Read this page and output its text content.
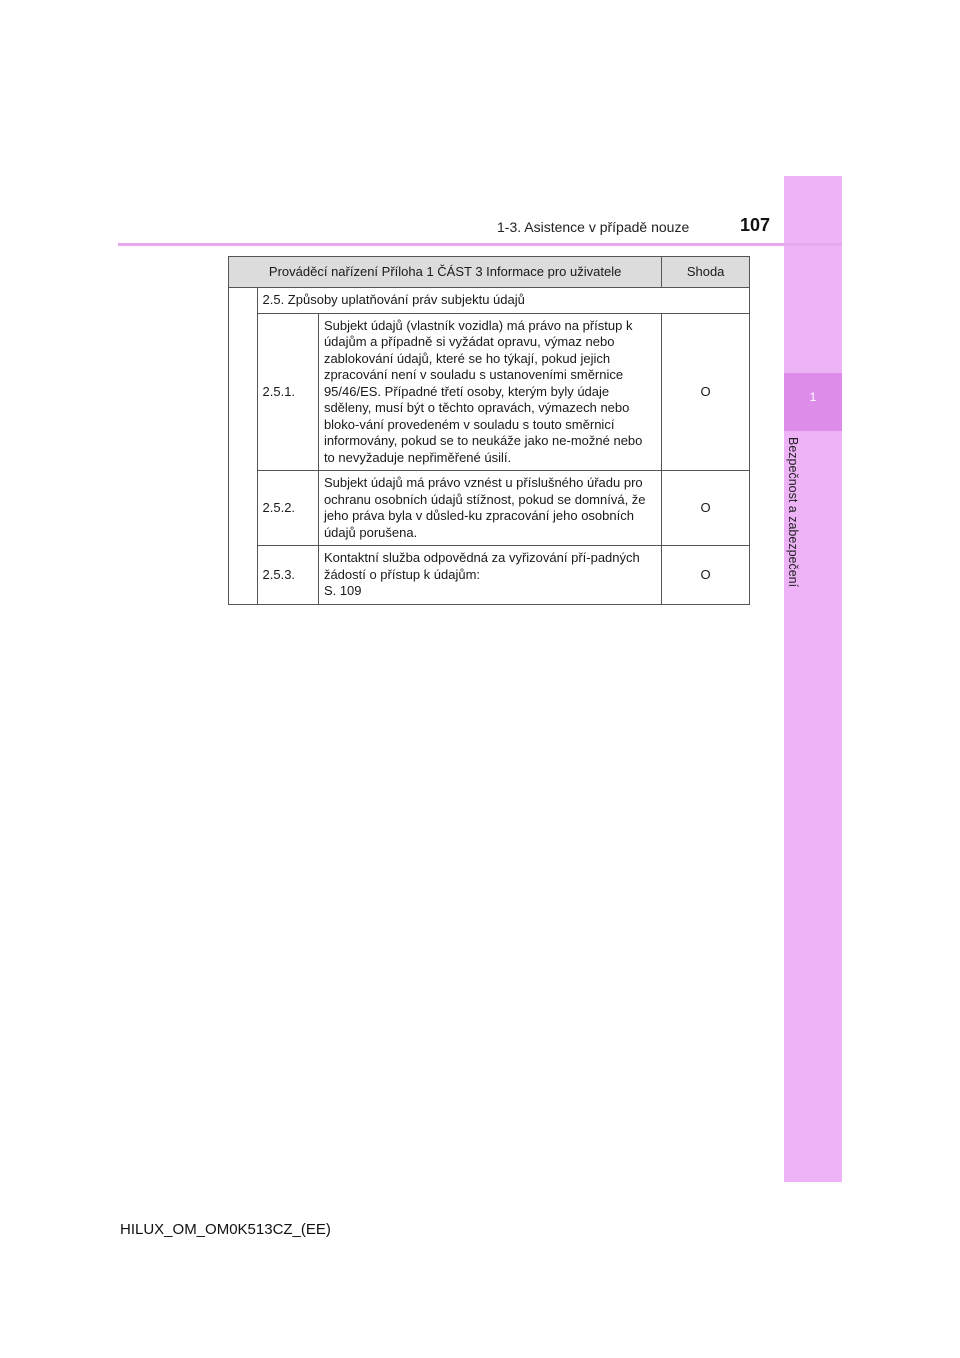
1
Bezpečnost a zabezpečení
1-3. Asistence v případě nouze	107
Prováděcí nařízení Příloha 1 ČÁST 3 Informace pro uživatele			Shoda
	2.5. Způsoby uplatňování práv subjektu údajů		
	2.5.1.	Subjekt údajů (vlastník vozidla) má právo na přístup k údajům a případně si vyžádat opravu, výmaz nebo zablokování údajů, které se ho týkají, pokud jejich zpracování není v souladu s ustanoveními směrnice 95/46/ES. Případné třetí osoby, kterým byly údaje sděleny, musí být o těchto opravách, výmazech nebo bloko-vání provedeném v souladu s touto směrnicí informovány, pokud se to neukáže jako ne-možné nebo to nevyžaduje nepřiměřené úsilí.	O
	2.5.2.	Subjekt údajů má právo vznést u příslušného úřadu pro ochranu osobních údajů stížnost, pokud se domnívá, že jeho práva byla v důsled-ku zpracování jeho osobních údajů porušena.	O
	2.5.3.	Kontaktní služba odpovědná za vyřizování pří-padných žádostí o přístup k údajům:
S. 109	O
HILUX_OM_OM0K513CZ_(EE)
